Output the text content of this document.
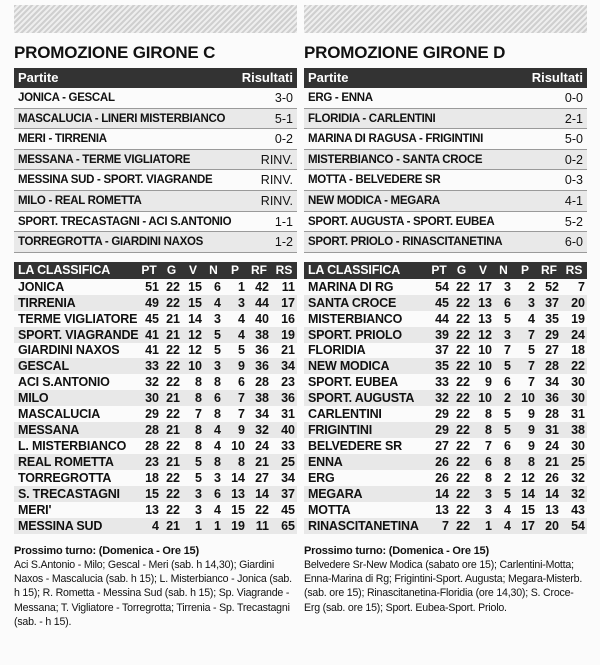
PROMOZIONE GIRONE C
Partite	Risultati
JONICA - GESCAL	3-0
MASCALUCIA - LINERI MISTERBIANCO	5-1
MERI - TIRRENIA	0-2
MESSANA - TERME VIGLIATORE	RINV.
MESSINA SUD - SPORT. VIAGRANDE	RINV.
MILO - REAL ROMETTA	RINV.
SPORT. TRECASTAGNI - ACI S.ANTONIO	1-1
TORREGROTTA - GIARDINI NAXOS	1-2
LA CLASSIFICA	PT	G	V	N	P	RF	RS
JONICA	51	22	15	6	1	42	11
TIRRENIA	49	22	15	4	3	44	17
TERME VIGLIATORE	45	21	14	3	4	40	16
SPORT. VIAGRANDE	41	21	12	5	4	38	19
GIARDINI NAXOS	41	22	12	5	5	36	21
GESCAL	33	22	10	3	9	36	34
ACI S.ANTONIO	32	22	8	8	6	28	23
MILO	30	21	8	6	7	38	36
MASCALUCIA	29	22	7	8	7	34	31
MESSANA	28	21	8	4	9	32	40
L. MISTERBIANCO	28	22	8	4	10	24	33
REAL ROMETTA	23	21	5	8	8	21	25
TORREGROTTA	18	22	5	3	14	27	34
S. TRECASTAGNI	15	22	3	6	13	14	37
MERI'	13	22	3	4	15	22	45
MESSINA SUD	4	21	1	1	19	11	65
Prossimo turno: (Domenica - Ore 15)
Aci S.Antonio - Milo; Gescal - Meri (sab. h 14,30); Giardini Naxos - Mascalucia (sab. h 15); L. Misterbianco - Jonica (sab. h 15); R. Rometta - Messina Sud (sab. h 15); Sp. Viagrande - Messana; T. Vigliatore - Torregrotta; Tirrenia - Sp. Trecastagni (sab. - h 15).
PROMOZIONE GIRONE D
Partite	Risultati
ERG - ENNA	0-0
FLORIDIA - CARLENTINI	2-1
MARINA DI RAGUSA - FRIGINTINI	5-0
MISTERBIANCO - SANTA CROCE	0-2
MOTTA - BELVEDERE SR	0-3
NEW MODICA - MEGARA	4-1
SPORT. AUGUSTA - SPORT. EUBEA	5-2
SPORT. PRIOLO - RINASCITANETINA	6-0
LA CLASSIFICA	PT	G	V	N	P	RF	RS
MARINA DI RG	54	22	17	3	2	52	7
SANTA CROCE	45	22	13	6	3	37	20
MISTERBIANCO	44	22	13	5	4	35	19
SPORT. PRIOLO	39	22	12	3	7	29	24
FLORIDIA	37	22	10	7	5	27	18
NEW MODICA	35	22	10	5	7	28	22
SPORT. EUBEA	33	22	9	6	7	34	30
SPORT. AUGUSTA	32	22	10	2	10	36	30
CARLENTINI	29	22	8	5	9	28	31
FRIGINTINI	29	22	8	5	9	31	38
BELVEDERE SR	27	22	7	6	9	24	30
ENNA	26	22	6	8	8	21	25
ERG	26	22	8	2	12	26	32
MEGARA	14	22	3	5	14	14	32
MOTTA	13	22	3	4	15	13	43
RINASCITANETINA	7	22	1	4	17	20	54
Prossimo turno: (Domenica - Ore 15)
Belvedere Sr-New Modica (sabato ore 15); Carlentini-Motta; Enna-Marina di Rg; Frigintini-Sport. Augusta; Megara-Misterb. (sab. ore 15); Rinascitanetina-Floridia (ore 14,30); S. Croce-Erg (sab. ore 15); Sport. Eubea-Sport. Priolo.
